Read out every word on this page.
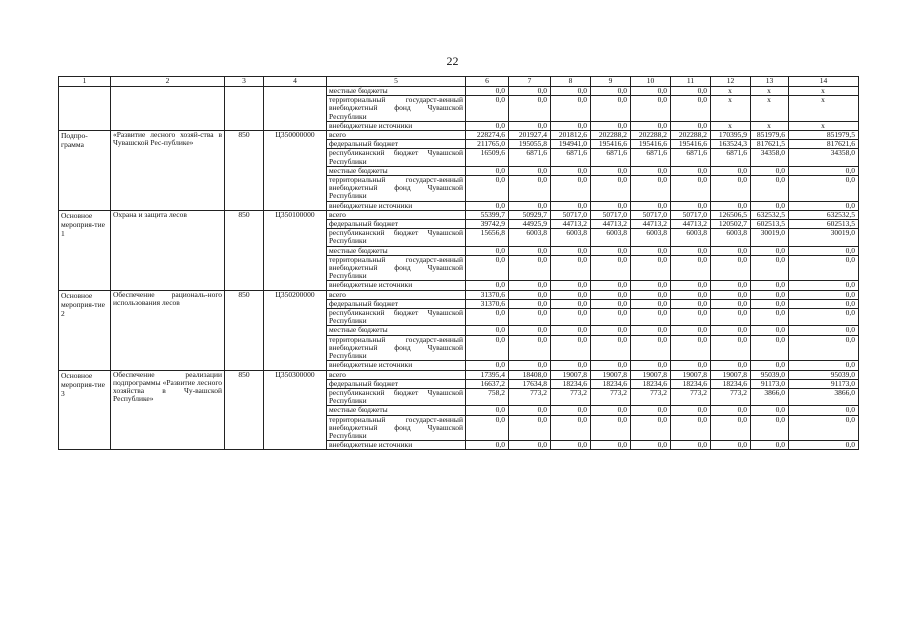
22
1	2	3	4	5	6	7	8	9	10	11	12	13	14
				местные бюджеты	0,0	0,0	0,0	0,0	0,0	0,0	x	x	x
				территориальный государст-венный внебюджетный фонд Чувашской Республики	0,0	0,0	0,0	0,0	0,0	0,0	x	x	x
				внебюджетные источники	0,0	0,0	0,0	0,0	0,0	0,0	x	x	x
Подпро-грамма	«Развитие лесного хозяй-ства в Чувашской Рес-публике»	850	Ц350000000	всего	228274,6	201927,4	201812,6	202288,2	202288,2	202288,2	170395,9	851979,6	851979,5
				федеральный бюджет	211765,0	195055,8	194941,0	195416,6	195416,6	195416,6	163524,3	817621,5	817621,6
				республиканский бюджет Чувашской Республики	16509,6	6871,6	6871,6	6871,6	6871,6	6871,6	6871,6	34358,0	34358,0
				местные бюджеты	0,0	0,0	0,0	0,0	0,0	0,0	0,0	0,0	0,0
				территориальный государст-венный внебюджетный фонд Чувашской Республики	0,0	0,0	0,0	0,0	0,0	0,0	0,0	0,0	0,0
				внебюджетные источники	0,0	0,0	0,0	0,0	0,0	0,0	0,0	0,0	0,0
Основное мероприя-тие 1	Охрана и защита лесов	850	Ц350100000	всего	55399,7	50929,7	50717,0	50717,0	50717,0	50717,0	126506,5	632532,5	632532,5
				федеральный бюджет	39742,9	44925,9	44713,2	44713,2	44713,2	44713,2	120502,7	602513,5	602513,5
				республиканский бюджет Чувашской Республики	15656,8	6003,8	6003,8	6003,8	6003,8	6003,8	6003,8	30019,0	30019,0
				местные бюджеты	0,0	0,0	0,0	0,0	0,0	0,0	0,0	0,0	0,0
				территориальный государст-венный внебюджетный фонд Чувашской Республики	0,0	0,0	0,0	0,0	0,0	0,0	0,0	0,0	0,0
				внебюджетные источники	0,0	0,0	0,0	0,0	0,0	0,0	0,0	0,0	0,0
Основное мероприя-тие 2	Обеспечение рациональ-ного использования лесов	850	Ц350200000	всего	31370,6	0,0	0,0	0,0	0,0	0,0	0,0	0,0	0,0
				федеральный бюджет	31370,6	0,0	0,0	0,0	0,0	0,0	0,0	0,0	0,0
				республиканский бюджет Чувашской Республики	0,0	0,0	0,0	0,0	0,0	0,0	0,0	0,0	0,0
				местные бюджеты	0,0	0,0	0,0	0,0	0,0	0,0	0,0	0,0	0,0
				территориальный государст-венный внебюджетный фонд Чувашской Республики	0,0	0,0	0,0	0,0	0,0	0,0	0,0	0,0	0,0
				внебюджетные источники	0,0	0,0	0,0	0,0	0,0	0,0	0,0	0,0	0,0
Основное мероприя-тие 3	Обеспечение реализации подпрограммы «Развитие лесного хозяйства в Чу-вашской Республике»	850	Ц350300000	всего	17395,4	18408,0	19007,8	19007,8	19007,8	19007,8	19007,8	95039,0	95039,0
				федеральный бюджет	16637,2	17634,8	18234,6	18234,6	18234,6	18234,6	18234,6	91173,0	91173,0
				республиканский бюджет Чувашской Республики	758,2	773,2	773,2	773,2	773,2	773,2	773,2	3866,0	3866,0
				местные бюджеты	0,0	0,0	0,0	0,0	0,0	0,0	0,0	0,0	0,0
				территориальный государст-венный внебюджетный фонд Чувашской Республики	0,0	0,0	0,0	0,0	0,0	0,0	0,0	0,0	0,0
				внебюджетные источники	0,0	0,0	0,0	0,0	0,0	0,0	0,0	0,0	0,0
